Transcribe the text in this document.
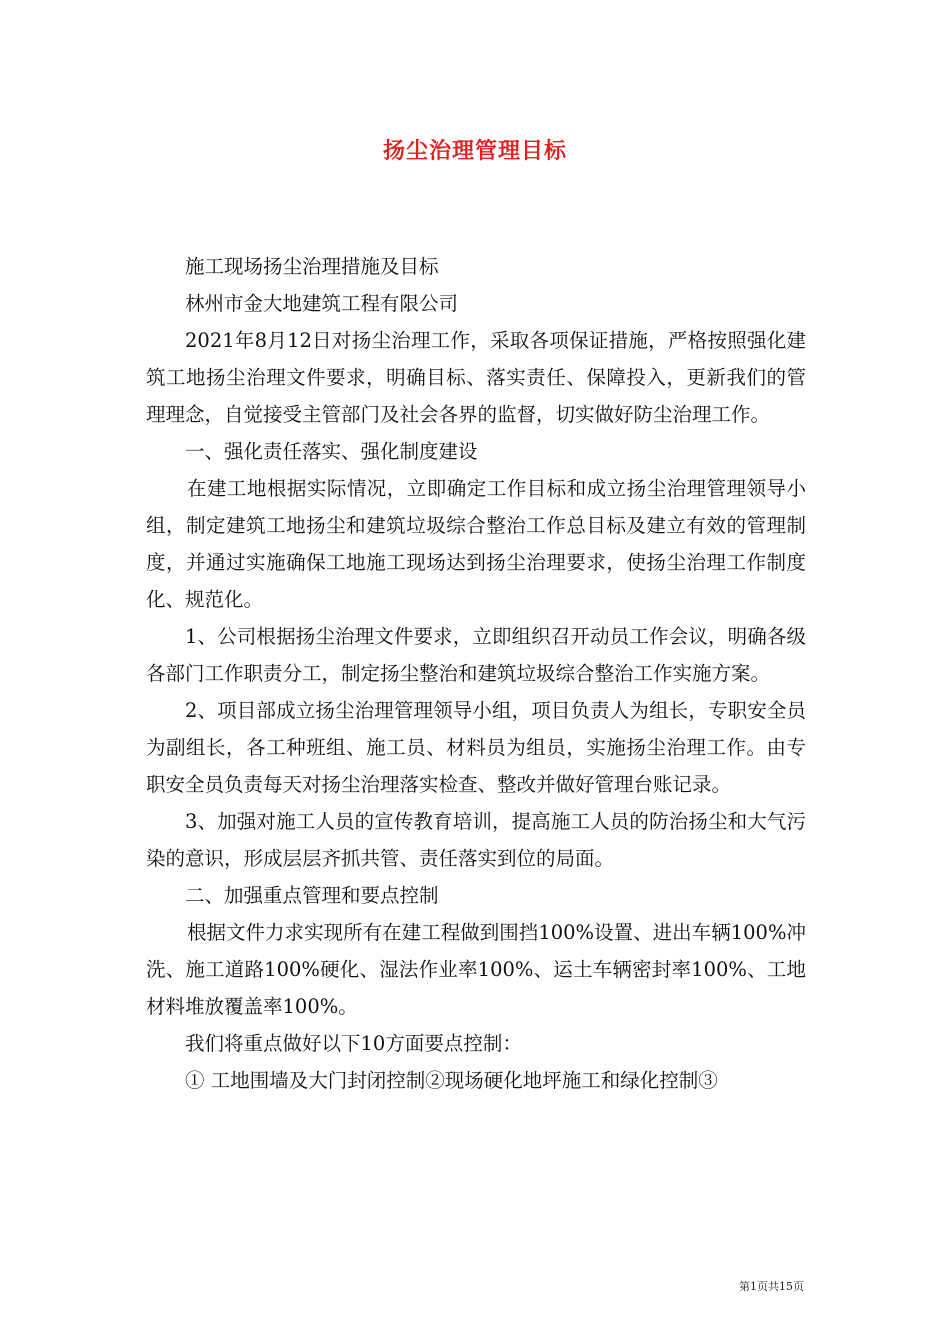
扬尘治理管理目标

施工现场扬尘治理措施及目标

林州市金大地建筑工程有限公司

2021年8月12日对扬尘治理工作，采取各项保证措施，严格按照强化建筑工地扬尘治理文件要求，明确目标、落实责任、保障投入，更新我们的管理理念，自觉接受主管部门及社会各界的监督，切实做好防尘治理工作。

一、强化责任落实、强化制度建设

在建工地根据实际情况，立即确定工作目标和成立扬尘治理管理领导小组，制定建筑工地扬尘和建筑垃圾综合整治工作总目标及建立有效的管理制度，并通过实施确保工地施工现场达到扬尘治理要求，使扬尘治理工作制度化、规范化。

1、公司根据扬尘治理文件要求，立即组织召开动员工作会议，明确各级各部门工作职责分工，制定扬尘整治和建筑垃圾综合整治工作实施方案。

2、项目部成立扬尘治理管理领导小组，项目负责人为组长，专职安全员为副组长，各工种班组、施工员、材料员为组员，实施扬尘治理工作。由专职安全员负责每天对扬尘治理落实检查、整改并做好管理台账记录。

3、加强对施工人员的宣传教育培训，提高施工人员的防治扬尘和大气污染的意识，形成层层齐抓共管、责任落实到位的局面。

二、加强重点管理和要点控制

根据文件力求实现所有在建工程做到围挡100%设置、进出车辆100%冲洗、施工道路100%硬化、湿法作业率100%、运土车辆密封率100%、工地材料堆放覆盖率100%。

我们将重点做好以下10方面要点控制：

① 工地围墙及大门封闭控制②现场硬化地坪施工和绿化控制③

第1页共15页
